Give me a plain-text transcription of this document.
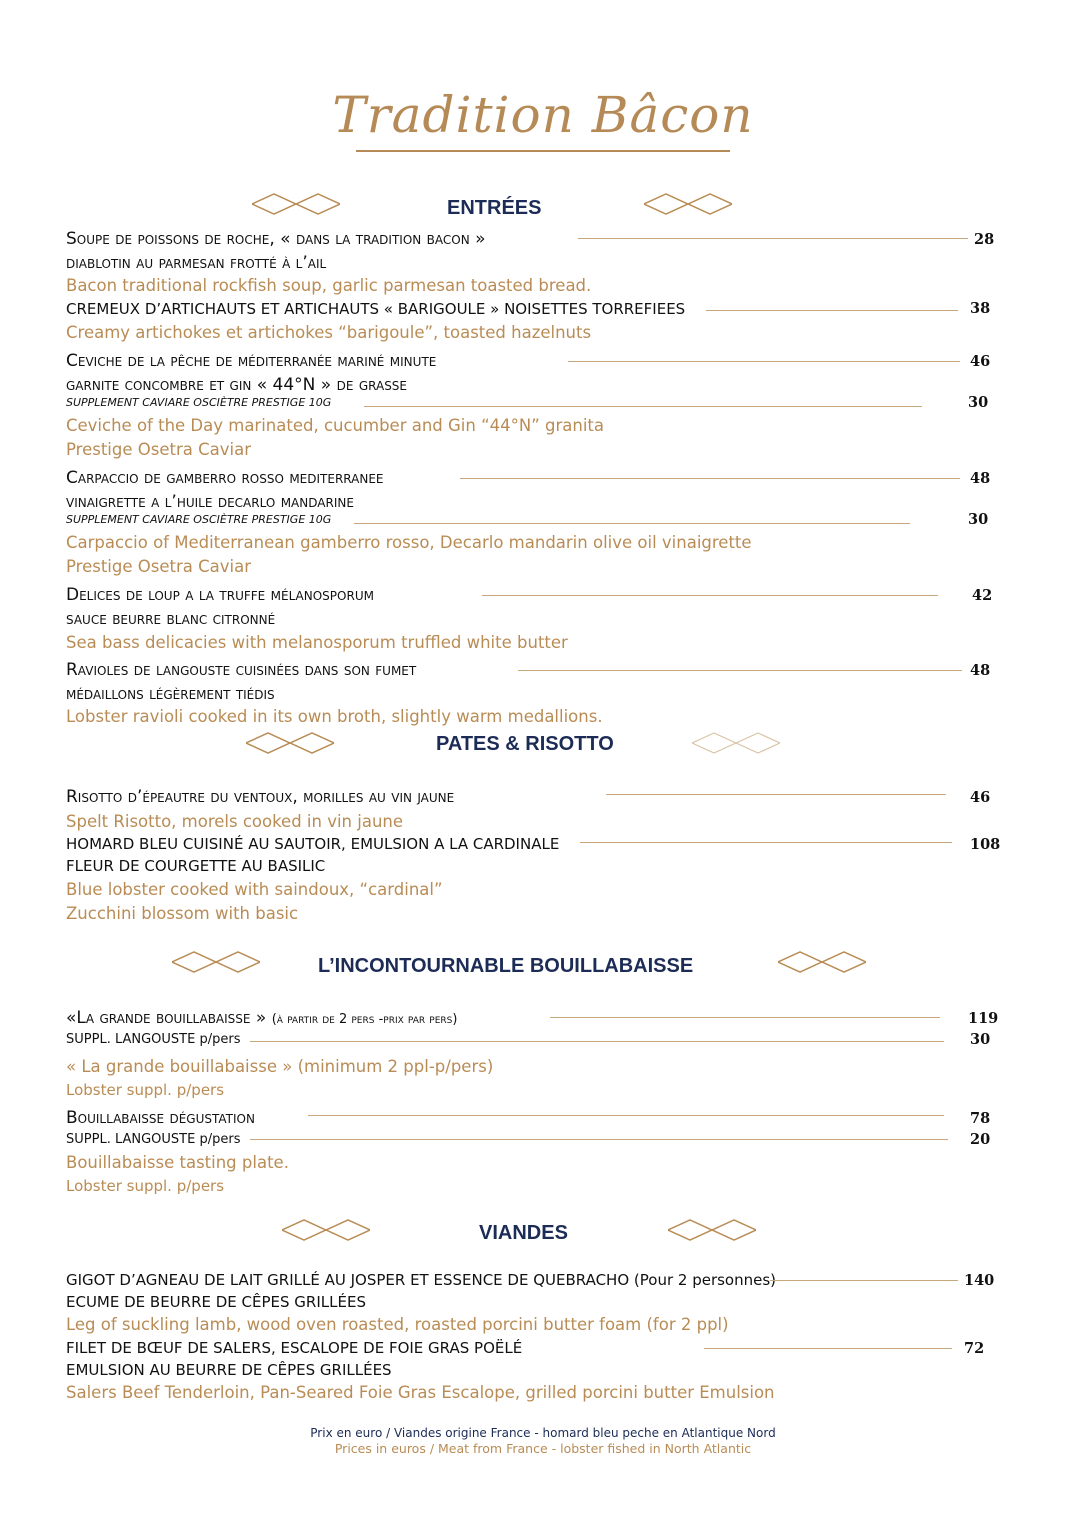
Tradition Bâcon
ENTRÉES
Soupe de poissons de roche, « dans la tradition bacon »	28
diablotin au parmesan frotté à l’ail
Bacon traditional rockfish soup, garlic parmesan toasted bread.
CREMEUX D’ARTICHAUTS ET ARTICHAUTS « BARIGOULE » NOISETTES TORREFIEES	38
Creamy artichokes et artichokes “barigoule”, toasted hazelnuts
Ceviche de la pêche de méditerranée mariné minute	46
garnite concombre et gin « 44°N » de grasse
SUPPLEMENT CAVIARE OSCIÈTRE PRESTIGE 10G	30
Ceviche of the Day marinated, cucumber and Gin “44°N” granita
Prestige Osetra Caviar
Carpaccio de gamberro rosso mediterranee	48
vinaigrette a l’huile decarlo mandarine
SUPPLEMENT CAVIARE OSCIÈTRE PRESTIGE 10G	30
Carpaccio of Mediterranean gamberro rosso, Decarlo mandarin olive oil vinaigrette
Prestige Osetra Caviar
Delices de loup a la truffe mélanosporum	42
sauce beurre blanc citronné
Sea bass delicacies with melanosporum truffled white butter
Ravioles de langouste cuisinées dans son fumet	48
médaillons légèrement tiédis
Lobster ravioli cooked in its own broth, slightly warm medallions.
PATES & RISOTTO
Risotto d’épeautre du ventoux, morilles au vin jaune	46
Spelt Risotto, morels cooked in vin jaune
HOMARD BLEU CUISINÉ AU SAUTOIR, EMULSION A LA CARDINALE	108
FLEUR DE COURGETTE AU BASILIC
Blue lobster cooked with saindoux, “cardinal”
Zucchini blossom with basic
L’INCONTOURNABLE BOUILLABAISSE
«La grande bouillabaisse » (à partir de 2 pers -prix par pers)	119
SUPPL. LANGOUSTE p/pers	30
« La grande bouillabaisse » (minimum 2 ppl-p/pers)
Lobster suppl. p/pers
Bouillabaisse dégustation	78
SUPPL. LANGOUSTE p/pers	20
Bouillabaisse tasting plate.
Lobster suppl. p/pers
VIANDES
GIGOT D’AGNEAU DE LAIT GRILLÉ AU JOSPER ET ESSENCE DE QUEBRACHO (Pour 2 personnes)	140
ECUME DE BEURRE DE CÊPES GRILLÉES
Leg of suckling lamb, wood oven roasted, roasted porcini butter foam (for 2 ppl)
FILET DE BŒUF DE SALERS, ESCALOPE DE FOIE GRAS POËLÉ	72
EMULSION AU BEURRE DE CÊPES GRILLÉES
Salers Beef Tenderloin, Pan-Seared Foie Gras Escalope, grilled porcini butter Emulsion
Prix en euro / Viandes origine France - homard bleu peche en Atlantique Nord
Prices in euros / Meat from France - lobster fished in North Atlantic
